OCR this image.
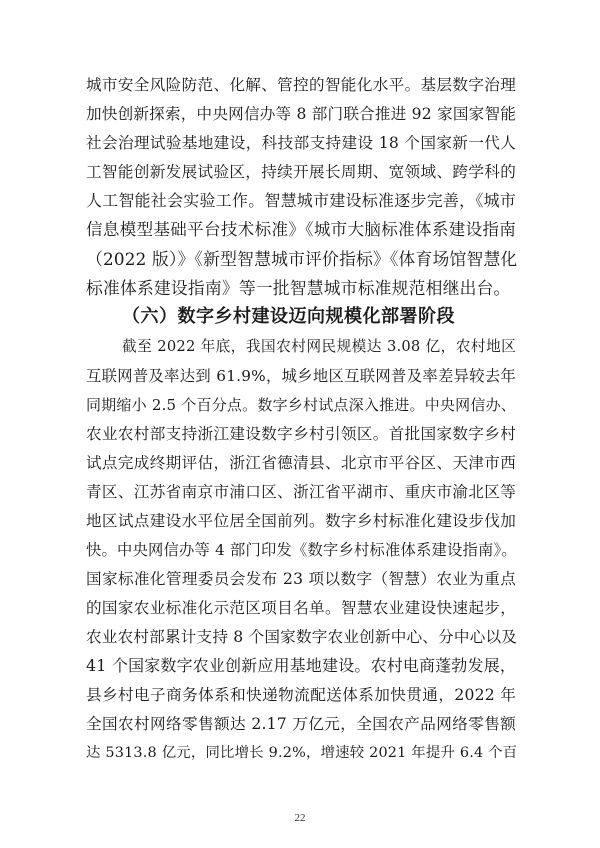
城市安全风险防范、化解、管控的智能化水平。基层数字治理
加快创新探索，中央网信办等 8 部门联合推进 92 家国家智能
社会治理试验基地建设，科技部支持建设 18 个国家新一代人
工智能创新发展试验区，持续开展长周期、宽领域、跨学科的
人工智能社会实验工作。智慧城市建设标准逐步完善，《城市
信息模型基础平台技术标准》《城市大脑标准体系建设指南
（2022 版）》《新型智慧城市评价指标》《体育场馆智慧化
标准体系建设指南》等一批智慧城市标准规范相继出台。
（六）数字乡村建设迈向规模化部署阶段
截至 2022 年底，我国农村网民规模达 3.08 亿，农村地区
互联网普及率达到 61.9%，城乡地区互联网普及率差异较去年
同期缩小 2.5 个百分点。数字乡村试点深入推进。中央网信办、
农业农村部支持浙江建设数字乡村引领区。首批国家数字乡村
试点完成终期评估，浙江省德清县、北京市平谷区、天津市西
青区、江苏省南京市浦口区、浙江省平湖市、重庆市渝北区等
地区试点建设水平位居全国前列。数字乡村标准化建设步伐加
快。中央网信办等 4 部门印发《数字乡村标准体系建设指南》。
国家标准化管理委员会发布 23 项以数字（智慧）农业为重点
的国家农业标准化示范区项目名单。智慧农业建设快速起步，
农业农村部累计支持 8 个国家数字农业创新中心、分中心以及
41 个国家数字农业创新应用基地建设。农村电商蓬勃发展，
县乡村电子商务体系和快递物流配送体系加快贯通，2022 年
全国农村网络零售额达 2.17 万亿元，全国农产品网络零售额
达 5313.8 亿元，同比增长 9.2%，增速较 2021 年提升 6.4 个百
22
